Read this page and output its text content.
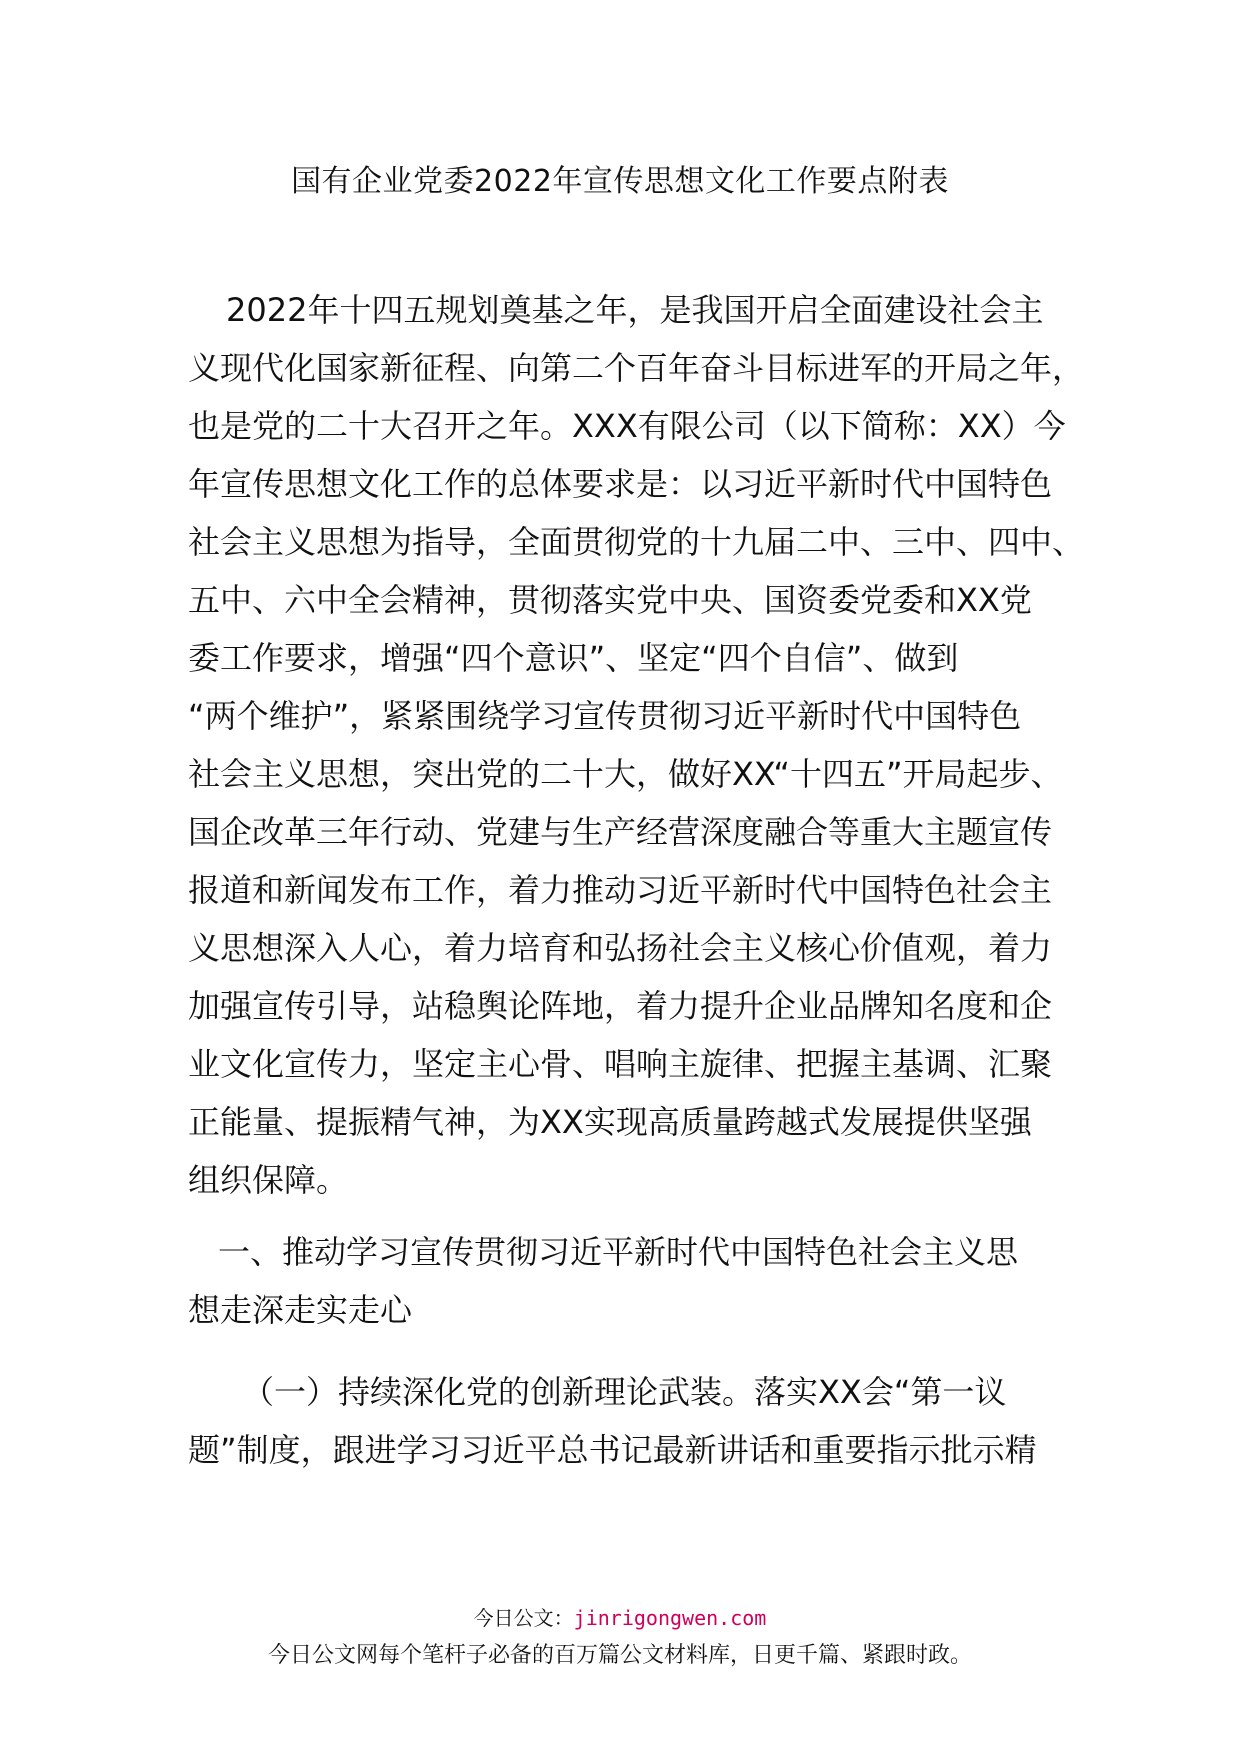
国有企业党委2022年宣传思想文化工作要点附表

2022年十四五规划奠基之年，是我国开启全面建设社会主

义现代化国家新征程、向第二个百年奋斗目标进军的开局之年，

也是党的二十大召开之年。XXX有限公司（以下简称：XX）今

年宣传思想文化工作的总体要求是：以习近平新时代中国特色

社会主义思想为指导，全面贯彻党的十九届二中、三中、四中、

五中、六中全会精神，贯彻落实党中央、国资委党委和XX党

委工作要求，增强“四个意识”、坚定“四个自信”、做到

“两个维护”，紧紧围绕学习宣传贯彻习近平新时代中国特色

社会主义思想，突出党的二十大，做好XX“十四五”开局起步、

国企改革三年行动、党建与生产经营深度融合等重大主题宣传

报道和新闻发布工作，着力推动习近平新时代中国特色社会主

义思想深入人心，着力培育和弘扬社会主义核心价值观，着力

加强宣传引导，站稳舆论阵地，着力提升企业品牌知名度和企

业文化宣传力，坚定主心骨、唱响主旋律、把握主基调、汇聚

正能量、提振精气神，为XX实现高质量跨越式发展提供坚强

组织保障。

一、推动学习宣传贯彻习近平新时代中国特色社会主义思

想走深走实走心

（一）持续深化党的创新理论武装。落实XX会“第一议

题”制度，跟进学习习近平总书记最新讲话和重要指示批示精

今日公文：jinrigongwen.com
今日公文网每个笔杆子必备的百万篇公文材料库，日更千篇、紧跟时政。
